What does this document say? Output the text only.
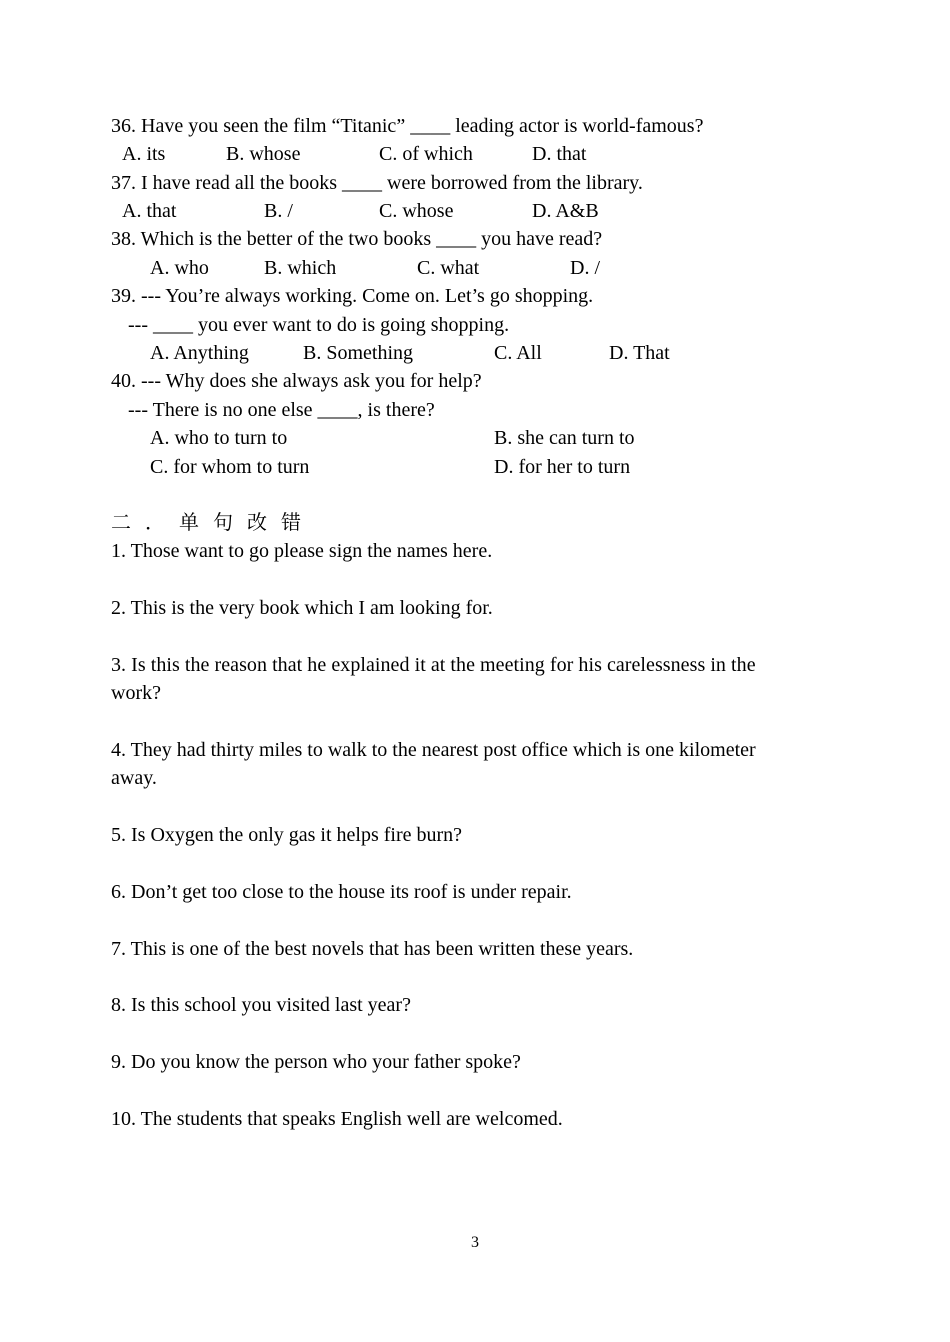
36. Have you seen the film “Titanic” ____ leading actor is world-famous?
A. its	B. whose	C. of which	D. that
37. I have read all the books ____ were borrowed from the library.
A. that	B. /	C. whose	D. A&B
38. Which is the better of the two books ____ you have read?
A. who	B. which	C. what	D. /
39. --- You’re always working. Come on. Let’s go shopping.
--- ____ you ever want to do is going shopping.
A. Anything	B. Something	C. All	D. That
40. --- Why does she always ask you for help?
--- There is no one else ____, is there?
A. who to turn to	B. she can turn to
C. for whom to turn	D. for her to turn
二．单句改错
1. Those want to go please sign the names here.
2. This is the very book which I am looking for.
3. Is this the reason that he explained it at the meeting for his carelessness in the
work?
4. They had thirty miles to walk to the nearest post office which is one kilometer
away.
5. Is Oxygen the only gas it helps fire burn?
6. Don’t get too close to the house its roof is under repair.
7. This is one of the best novels that has been written these years.
8. Is this school you visited last year?
9. Do you know the person who your father spoke?
10. The students that speaks English well are welcomed.
3
